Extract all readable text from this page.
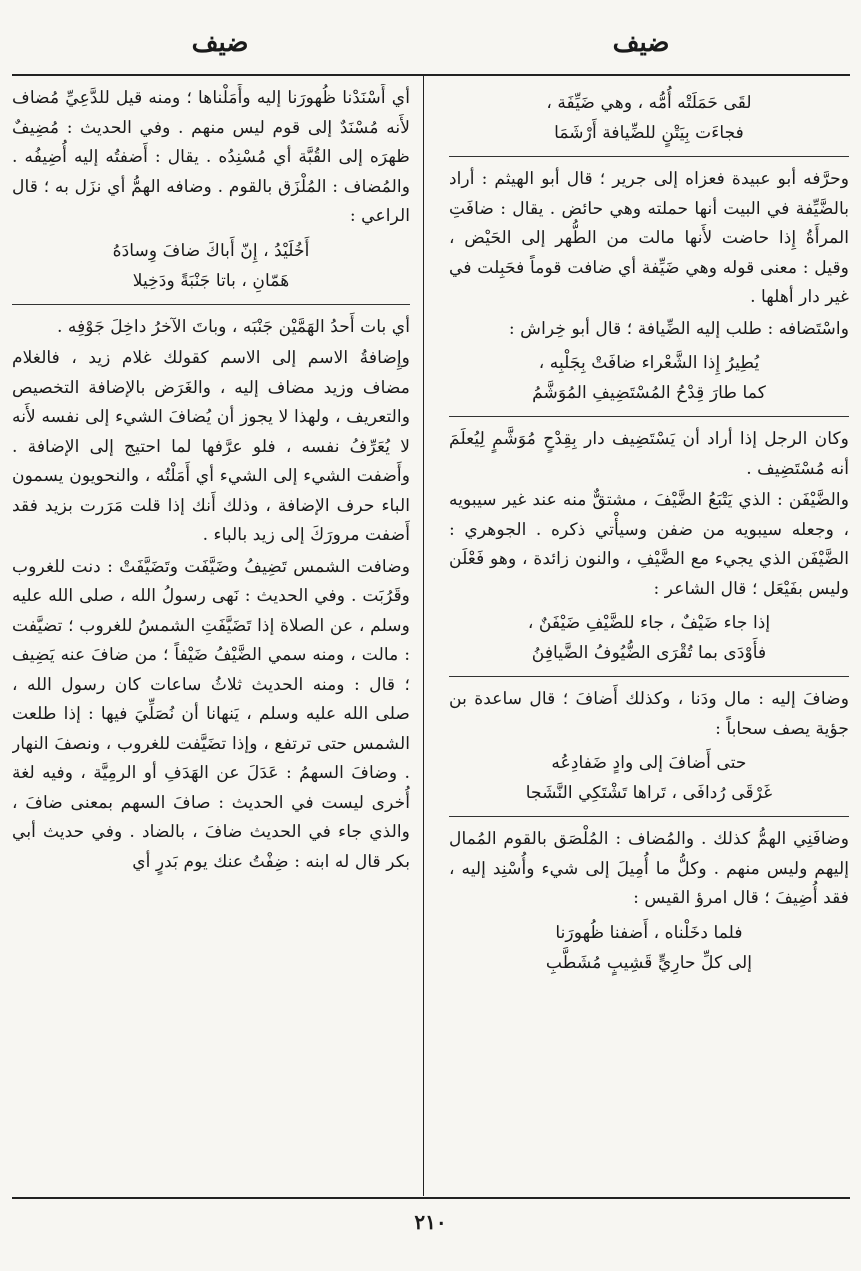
ضيف
ضيف
لقَى حَمَلَتْه أُمُّه ، وهي ضَيِّفَة ،
فجاءَت بِيَتْنٍ للضِّيافة أَرْشَمَا

وحرَّفه أبو عبيدة فعزاه إلى جرير ؛ قال أبو الهيثم : أراد بالضَّيِّفة في البيت أنها حملته وهي حائض . يقال : ضافَتِ المرأَةُ إِذا حاضت لأَنها مالت من الطُّهر إلى الحَيْض ، وقيل : معنى قوله وهي ضَيِّفة أي ضافت قوماً فحَبِلت في غير دار أهلها .

واسْتَضافه : طلب إليه الضِّيافة ؛ قال أبو خِراش :

يُطِيرُ إِذا الشَّعْراء ضافَتْ بِجَلْبِه ،
كما طارَ قِدْحُ المُسْتَضِيفِ المُوَشَّمُ

وكان الرجل إذا أراد أن يَسْتَضِيف دار بِقِدْحٍ مُوَشَّمٍ لِيُعلَمَ أنه مُسْتَضِيف .

والضَّيْفَن : الذي يَتْبَعُ الضَّيْفَ ، مشتقٌّ منه عند غير سيبويه ، وجعله سيبويه من ضفن وسيأْتي ذكره . الجوهري : الضَّيْفَن الذي يجيء مع الضَّيْفِ ، والنون زائدة ، وهو فَعْلَن وليس بفَيْعَل ؛ قال الشاعر :

إذا جاء ضَيْفٌ ، جاء للضَّيْفِ ضَيْفَنٌ ،
فأَوْدَى بما تُقْرَى الضُّيُوفُ الضَّيافِنُ

وضافَ إليه : مال ودَنا ، وكذلك أَضافَ ؛ قال ساعدة بن جؤية يصف سحاباً :

حتى أَضافَ إلى وادٍ ضَفادِعُه
غَرْقَى رُدافَى ، تَراها تَشْتَكِي النَّشَجا

وضافَنِي الهمُّ كذلك . والمُضاف : المُلْصَق بالقوم المُمال إليهم وليس منهم . وكلُّ ما أُمِيلَ إلى شيء وأُسْنِد إليه ، فقد أُضِيفَ ؛ قال امرؤ القيس :

فلما دخَلْناه ، أَضفنا ظُهورَنا
إلى كلِّ حارِيٍّ قَشِيبٍ مُشَطَّبِ

أي أَسْنَدْنا ظُهورَنا إليه وأَمَلْناها ؛ ومنه قيل للدَّعِيِّ مُضاف لأَنه مُسْنَدٌ إلى قوم ليس منهم . وفي الحديث : مُضِيفٌ ظهرَه إلى القُبَّة أي مُسْنِدُه . يقال : أَضفتُه إليه أُضِيفُه . والمُضاف : المُلْزَق بالقوم . وضافه الهمُّ أي نزَل به ؛ قال الراعي :

أَخُلَيْدُ ، إِنّ أَباكَ ضافَ وِسادَهُ
هَمّانِ ، باتا جَنْبَةً ودَخِيلا

أي بات أَحدُ الهَمَّيْن جَنْبَه ، وباتَ الآخرُ داخِلَ جَوْفِه .

وإِضافةُ الاسم إلى الاسم كقولك غلام زيد ، فالغلام مضاف وزيد مضاف إليه ، والغَرَض بالإضافة التخصيص والتعريف ، ولهذا لا يجوز أن يُضافَ الشيء إلى نفسه لأَنه لا يُعَرِّفُ نفسه ، فلو عرَّفها لما احتيج إلى الإضافة . وأَضفت الشيء إلى الشيء أي أَمَلْتُه ، والنحويون يسمون الباء حرف الإضافة ، وذلك أَنك إذا قلت مَرَرت بزيد فقد أَضفت مرورَكَ إلى زيد بالباء .

وضافت الشمس تَضِيفُ وضَيَّفَت وتَضَيَّفَتْ : دنت للغروب وقَرُبَت . وفي الحديث : نَهى رسولُ الله ، صلى الله عليه وسلم ، عن الصلاة إذا تَضَيَّفَتِ الشمسُ للغروب ؛ تضيَّفت : مالت ، ومنه سمي الضَّيْفُ ضَيْفاً ؛ من ضافَ عنه يَضِيف ؛ قال : ومنه الحديث ثلاثُ ساعات كان رسول الله ، صلى الله عليه وسلم ، يَنهانا أن نُصَلِّيَ فيها : إذا طلعت الشمس حتى ترتفع ، وإذا تضَيَّفت للغروب ، ونصفَ النهار . وضافَ السهمُ : عَدَلَ عن الهَدَفِ أو الرمِيَّة ، وفيه لغة أُخرى ليست في الحديث : صافَ السهم بمعنى ضافَ ، والذي جاء في الحديث ضافَ ، بالضاد . وفي حديث أبي بكر قال له ابنه : ضِفْتُ عنك يوم بَدرٍ أي

٢١٠
